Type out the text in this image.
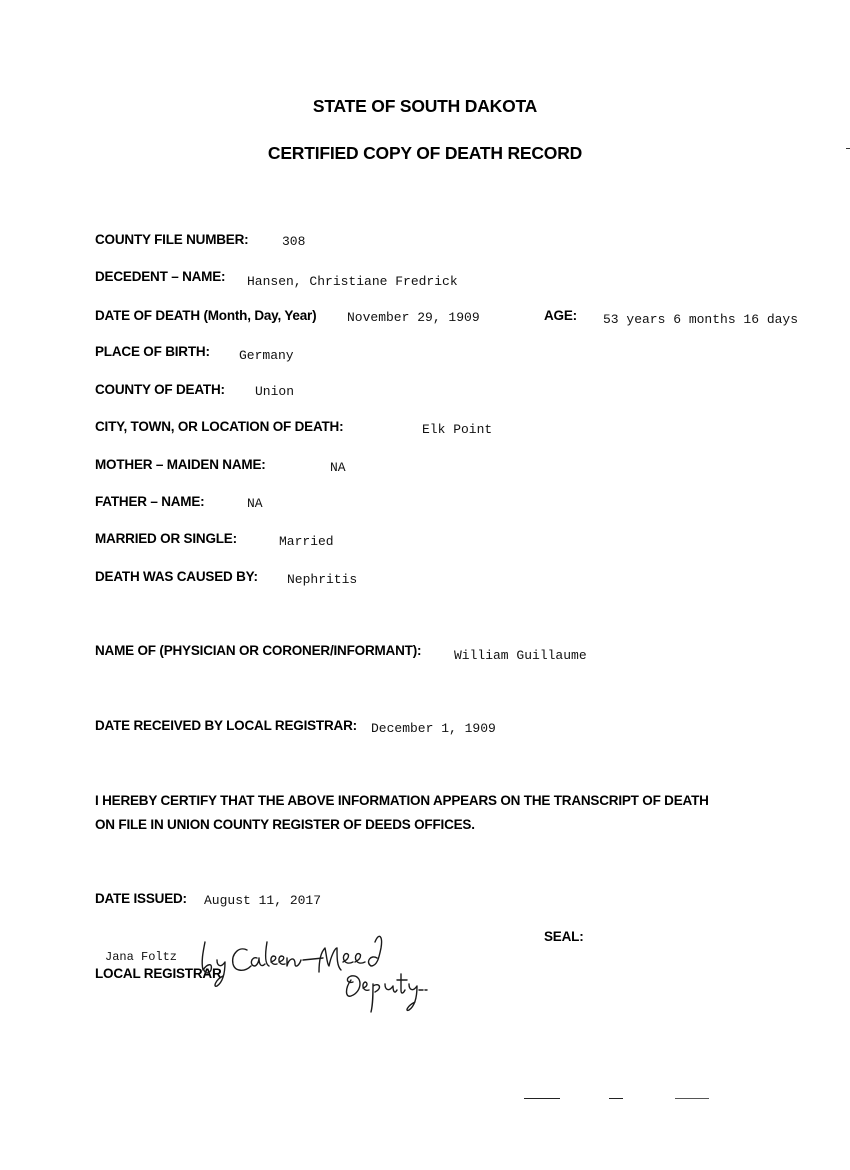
STATE OF SOUTH DAKOTA
CERTIFIED COPY OF DEATH RECORD
COUNTY FILE NUMBER:	308
DECEDENT – NAME: Hansen, Christiane Fredrick
DATE OF DEATH (Month, Day, Year) November 29, 1909	AGE: 53 years 6 months 16 days
PLACE OF BIRTH: Germany
COUNTY OF DEATH: Union
CITY, TOWN, OR LOCATION OF DEATH:	Elk Point
MOTHER – MAIDEN NAME:	NA
FATHER – NAME:	NA
MARRIED OR SINGLE:	Married
DEATH WAS CAUSED BY: Nephritis
NAME OF (PHYSICIAN OR CORONER/INFORMANT):	William Guillaume
DATE RECEIVED BY LOCAL REGISTRAR: December 1, 1909
I HEREBY CERTIFY THAT THE ABOVE INFORMATION APPEARS ON THE TRANSCRIPT OF DEATH
ON FILE IN UNION COUNTY REGISTER OF DEEDS OFFICES.
DATE ISSUED: August 11, 2017
SEAL:
Jana Foltz
LOCAL REGISTRAR
